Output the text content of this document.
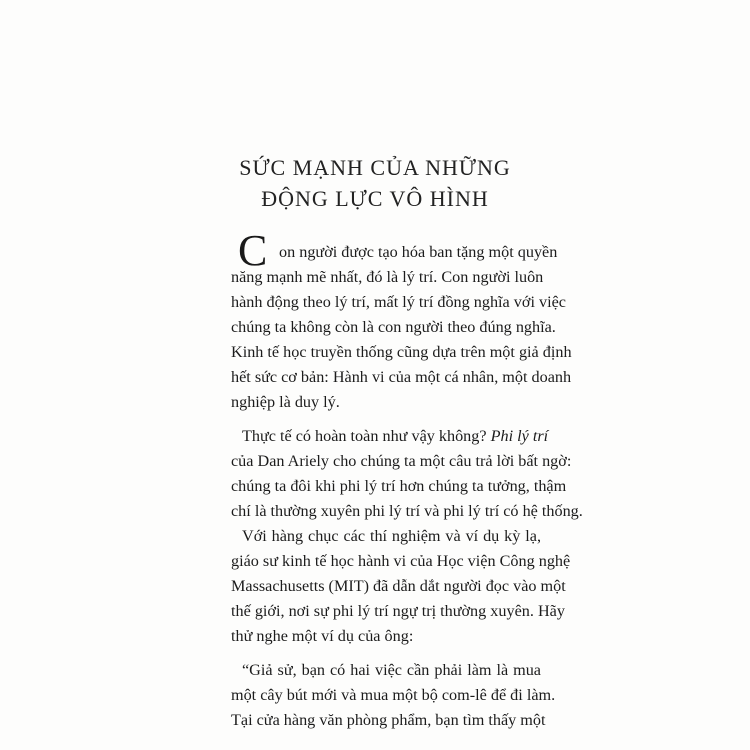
SỨC MẠNH CỦA NHỮNG
ĐỘNG LỰC VÔ HÌNH
C on người được tạo hóa ban tặng một quyền
năng mạnh mẽ nhất, đó là lý trí. Con người luôn
hành động theo lý trí, mất lý trí đồng nghĩa với việc
chúng ta không còn là con người theo đúng nghĩa.
Kinh tế học truyền thống cũng dựa trên một giả định
hết sức cơ bản: Hành vi của một cá nhân, một doanh
nghiệp là duy lý.
Thực tế có hoàn toàn như vậy không? Phi lý trí
của Dan Ariely cho chúng ta một câu trả lời bất ngờ:
chúng ta đôi khi phi lý trí hơn chúng ta tưởng, thậm
chí là thường xuyên phi lý trí và phi lý trí có hệ thống.
Với hàng chục các thí nghiệm và ví dụ kỳ lạ,
giáo sư kinh tế học hành vi của Học viện Công nghệ
Massachusetts (MIT) đã dẫn dắt người đọc vào một
thế giới, nơi sự phi lý trí ngự trị thường xuyên. Hãy
thử nghe một ví dụ của ông:
“Giả sử, bạn có hai việc cần phải làm là mua
một cây bút mới và mua một bộ com-lê để đi làm.
Tại cửa hàng văn phòng phẩm, bạn tìm thấy một
